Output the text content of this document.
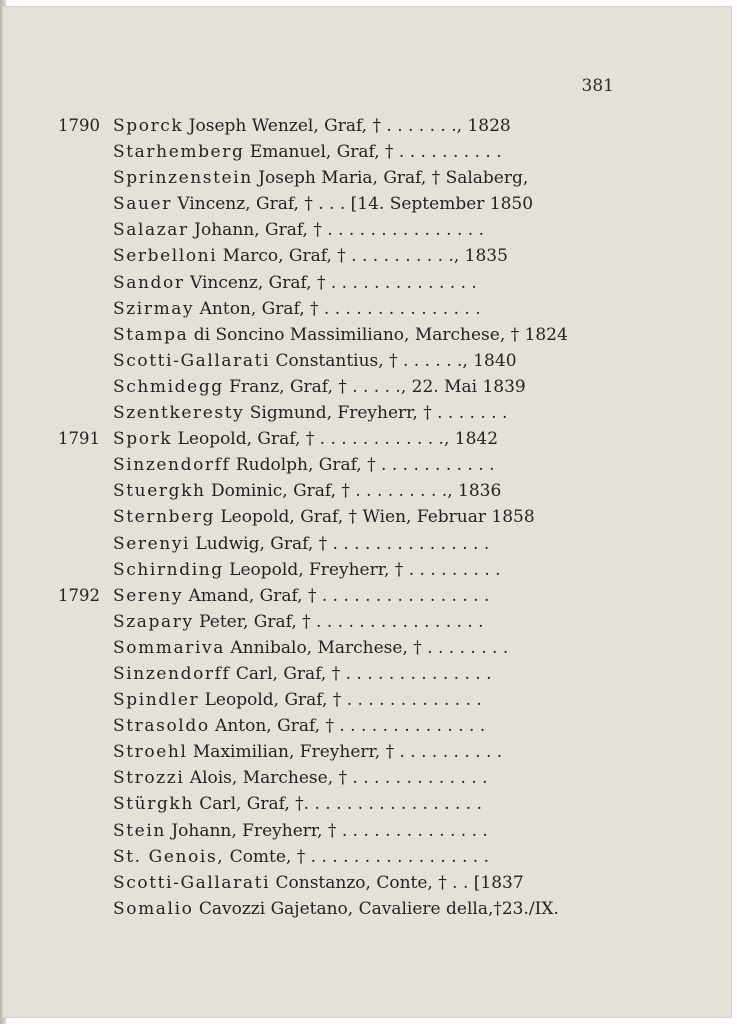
381
1790 Sporck Joseph Wenzel, Graf, † . . . . . . ., 1828
Starhemberg Emanuel, Graf, † . . . . . . . . . .
Sprinzenstein Joseph Maria, Graf, † Salaberg,
Sauer Vincenz, Graf, † . . . [14. September 1850
Salazar Johann, Graf, † . . . . . . . . . . . . . . .
Serbelloni Marco, Graf, † . . . . . . . . . ., 1835
Sandor Vincenz, Graf, † . . . . . . . . . . . . . .
Szirmay Anton, Graf, † . . . . . . . . . . . . . . .
Stampa di Soncino Massimiliano, Marchese, † 1824
Scotti-Gallarati Constantius, † . . . . . ., 1840
Schmidegg Franz, Graf, † . . . . ., 22. Mai 1839
Szentkeresty Sigmund, Freyherr, † . . . . . . .
1791 Spork Leopold, Graf, † . . . . . . . . . . . ., 1842
Sinzendorff Rudolph, Graf, † . . . . . . . . . . .
Stuergkh Dominic, Graf, † . . . . . . . . ., 1836
Sternberg Leopold, Graf, † Wien, Februar 1858
Serenyi Ludwig, Graf, † . . . . . . . . . . . . . . .
Schirnding Leopold, Freyherr, † . . . . . . . . .
1792 Sereny Amand, Graf, † . . . . . . . . . . . . . . . .
Szapary Peter, Graf, † . . . . . . . . . . . . . . . .
Sommariva Annibalo, Marchese, † . . . . . . . .
Sinzendorff Carl, Graf, † . . . . . . . . . . . . . .
Spindler Leopold, Graf, † . . . . . . . . . . . . .
Strasoldo Anton, Graf, † . . . . . . . . . . . . . .
Stroehl Maximilian, Freyherr, † . . . . . . . . . .
Strozzi Alois, Marchese, † . . . . . . . . . . . . .
Stürgkh Carl, Graf, †. . . . . . . . . . . . . . . . .
Stein Johann, Freyherr, † . . . . . . . . . . . . . .
St. Genois, Comte, † . . . . . . . . . . . . . . . . .
Scotti-Gallarati Constanzo, Conte, † . . [1837
Somalio Cavozzi Gajetano, Cavaliere della,†23./IX.
